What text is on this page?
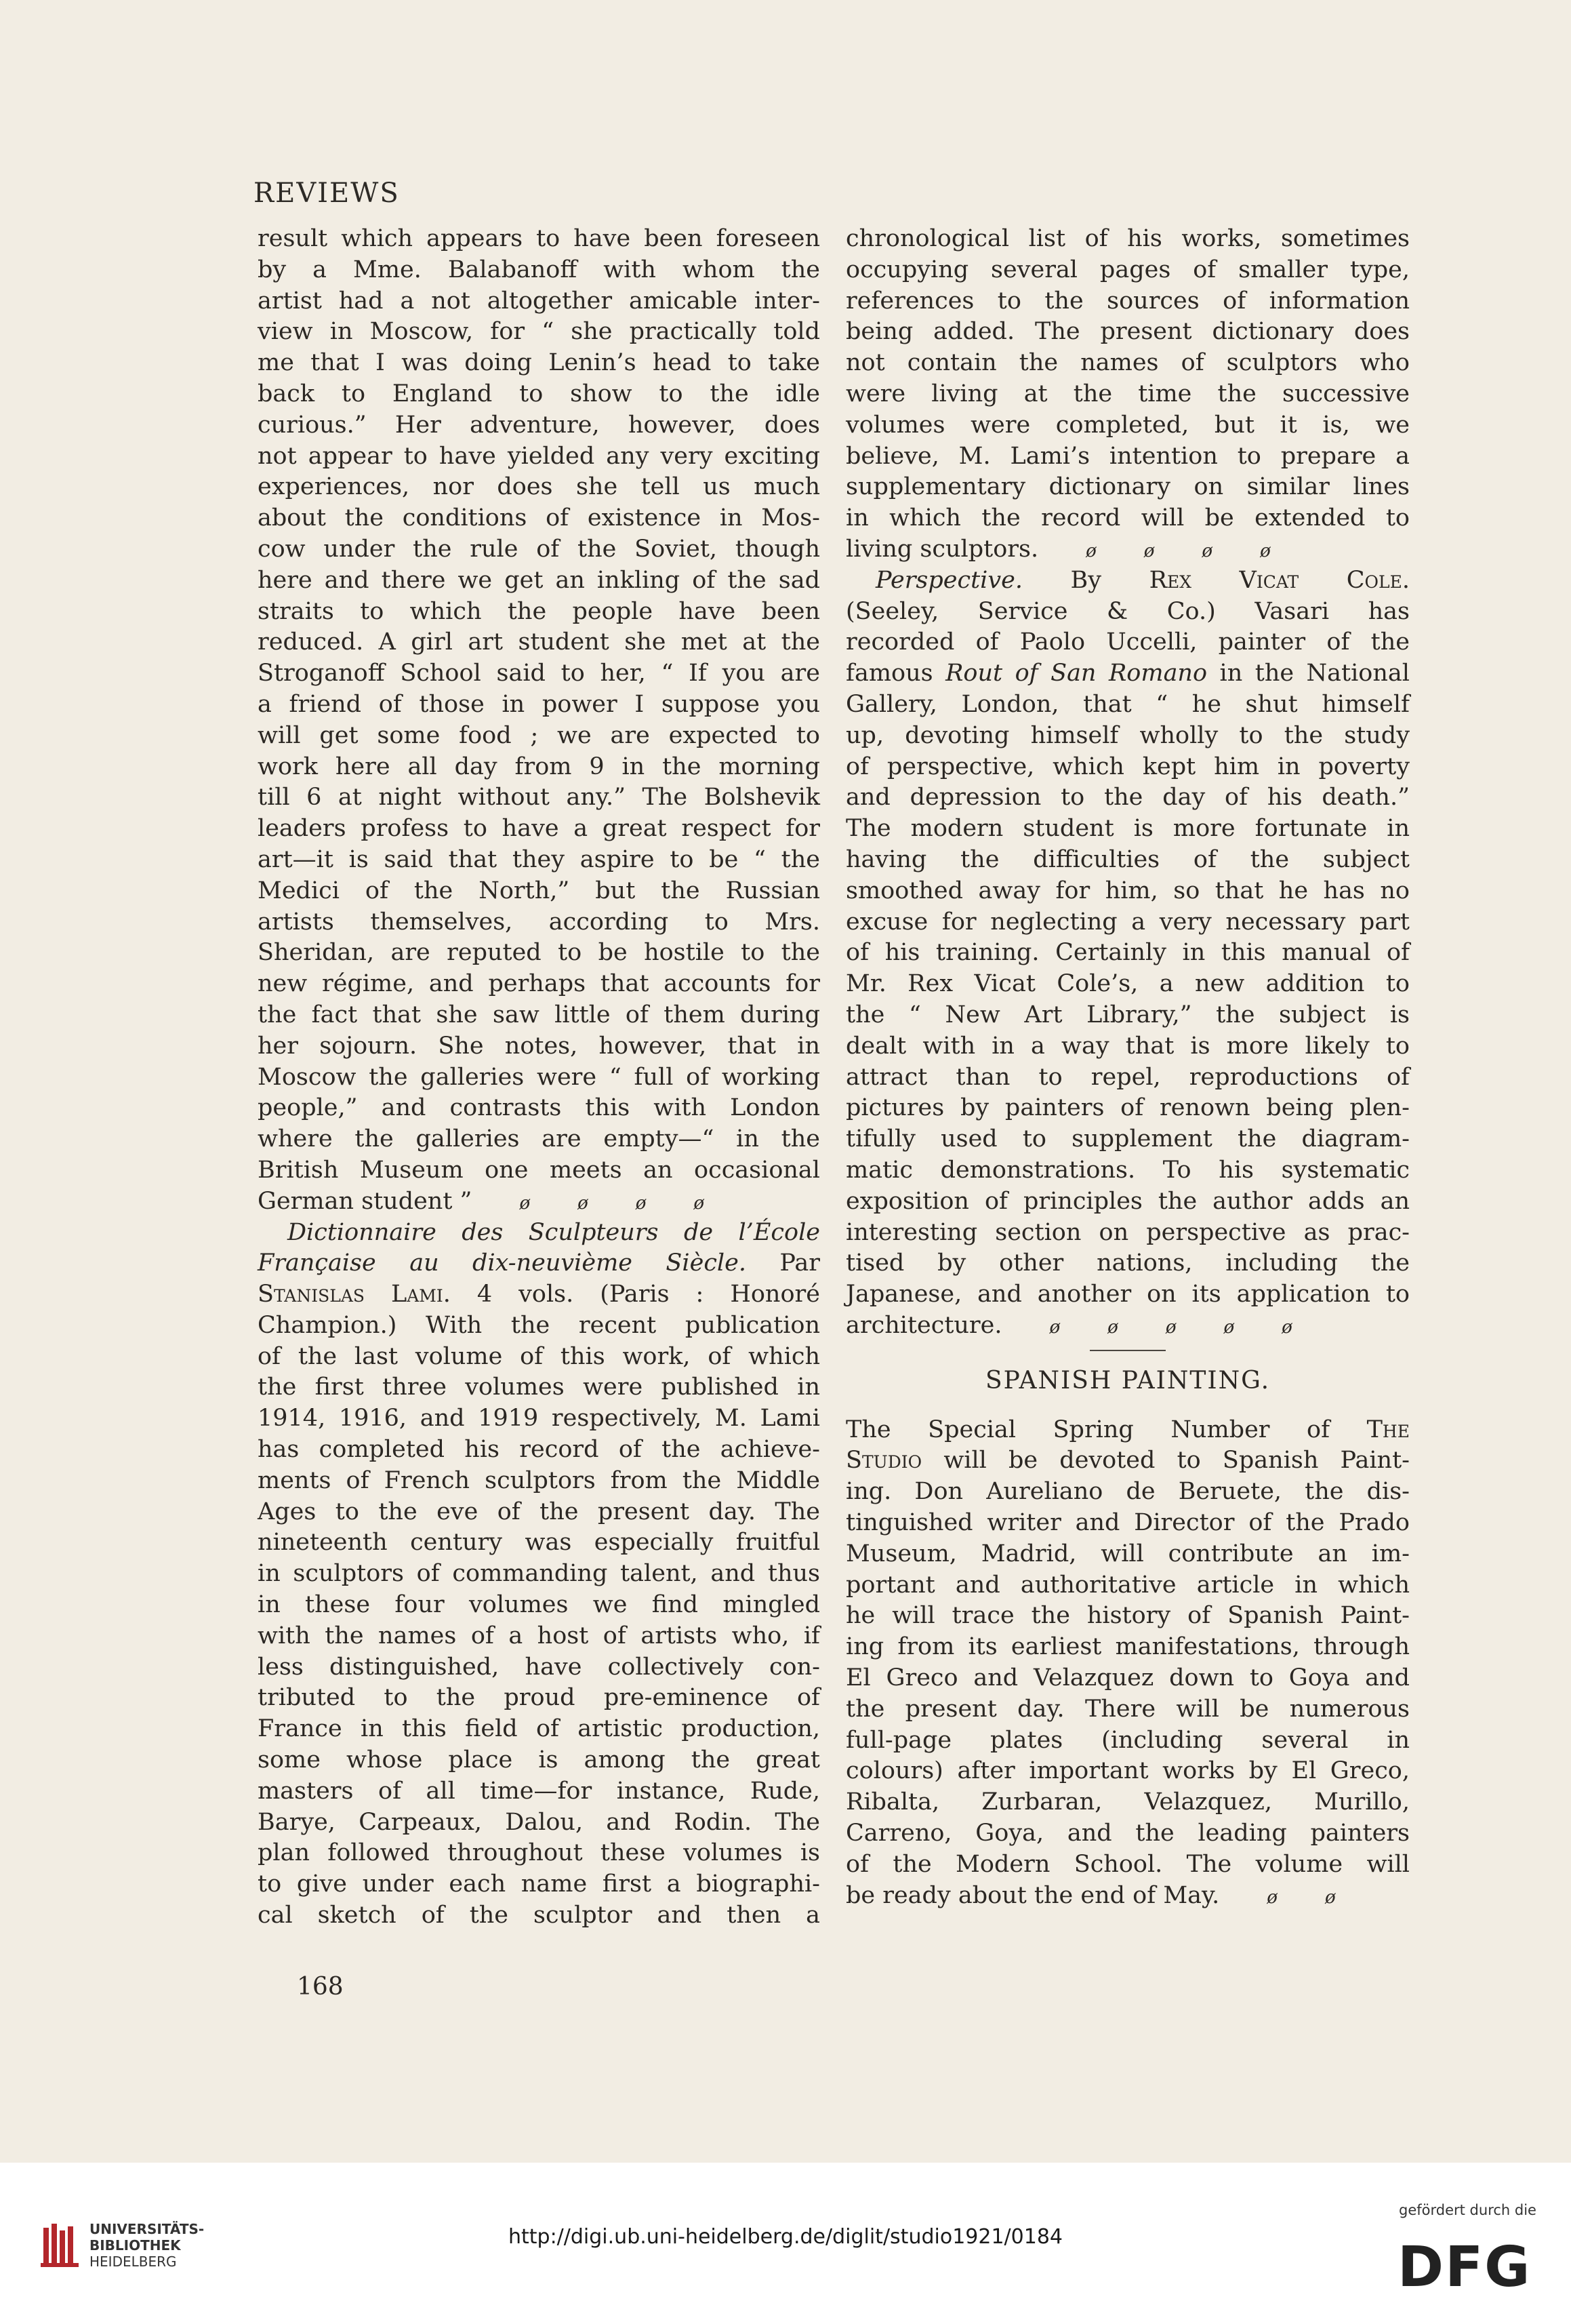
REVIEWS
result which appears to have been foreseen
by a Mme. Balabanoff with whom the
artist had a not altogether amicable inter-
view in Moscow, for “ she practically told
me that I was doing Lenin’s head to take
back to England to show to the idle
curious.” Her adventure, however, does
not appear to have yielded any very exciting
experiences, nor does she tell us much
about the conditions of existence in Mos-
cow under the rule of the Soviet, though
here and there we get an inkling of the sad
straits to which the people have been
reduced. A girl art student she met at the
Stroganoff School said to her, “ If you are
a friend of those in power I suppose you
will get some food ; we are expected to
work here all day from 9 in the morning
till 6 at night without any.” The Bolshevik
leaders profess to have a great respect for
art—it is said that they aspire to be “ the
Medici of the North,” but the Russian
artists themselves, according to Mrs.
Sheridan, are reputed to be hostile to the
new régime, and perhaps that accounts for
the fact that she saw little of them during
her sojourn. She notes, however, that in
Moscow the galleries were “ full of working
people,” and contrasts this with London
where the galleries are empty—“ in the
British Museum one meets an occasional
German student ”  	ø  	ø  	ø  	ø
Dictionnaire des Sculpteurs de l’École
Française au dix-neuvième Siècle. Par
Stanislas Lami. 4 vols. (Paris : Honoré
Champion.) With the recent publication
of the last volume of this work, of which
the first three volumes were published in
1914, 1916, and 1919 respectively, M. Lami
has completed his record of the achieve-
ments of French sculptors from the Middle
Ages to the eve of the present day. The
nineteenth century was especially fruitful
in sculptors of commanding talent, and thus
in these four volumes we find mingled
with the names of a host of artists who, if
less distinguished, have collectively con-
tributed to the proud pre-eminence of
France in this field of artistic production,
some whose place is among the great
masters of all time—for instance, Rude,
Barye, Carpeaux, Dalou, and Rodin. The
plan followed throughout these volumes is
to give under each name first a biographi-
cal sketch of the sculptor and then a
chronological list of his works, sometimes
occupying several pages of smaller type,
references to the sources of information
being added. The present dictionary does
not contain the names of sculptors who
were living at the time the successive
volumes were completed, but it is, we
believe, M. Lami’s intention to prepare a
supplementary dictionary on similar lines
in which the record will be extended to
living sculptors.  	ø  	ø  	ø  	ø
Perspective. By Rex Vicat Cole.
(Seeley, Service & Co.) Vasari has
recorded of Paolo Uccelli, painter of the
famous Rout of San Romano in the National
Gallery, London, that “ he shut himself
up, devoting himself wholly to the study
of perspective, which kept him in poverty
and depression to the day of his death.”
The modern student is more fortunate in
having the difficulties of the subject
smoothed away for him, so that he has no
excuse for neglecting a very necessary part
of his training. Certainly in this manual of
Mr. Rex Vicat Cole’s, a new addition to
the “ New Art Library,” the subject is
dealt with in a way that is more likely to
attract than to repel, reproductions of
pictures by painters of renown being plen-
tifully used to supplement the diagram-
matic demonstrations. To his systematic
exposition of principles the author adds an
interesting section on perspective as prac-
tised by other nations, including the
Japanese, and another on its application to
architecture.  	ø  	ø  	ø  	ø  	ø
SPANISH PAINTING.
The Special Spring Number of The
Studio will be devoted to Spanish Paint-
ing. Don Aureliano de Beruete, the dis-
tinguished writer and Director of the Prado
Museum, Madrid, will contribute an im-
portant and authoritative article in which
he will trace the history of Spanish Paint-
ing from its earliest manifestations, through
El Greco and Velazquez down to Goya and
the present day. There will be numerous
full-page plates (including several in
colours) after important works by El Greco,
Ribalta, Zurbaran, Velazquez, Murillo,
Carreno, Goya, and the leading painters
of the Modern School. The volume will
be ready about the end of May.  	ø  	ø
168
UNIVERSITÄTS-
BIBLIOTHEK
HEIDELBERG
http://digi.ub.uni-heidelberg.de/diglit/studio1921/0184
gefördert durch die
DFG
